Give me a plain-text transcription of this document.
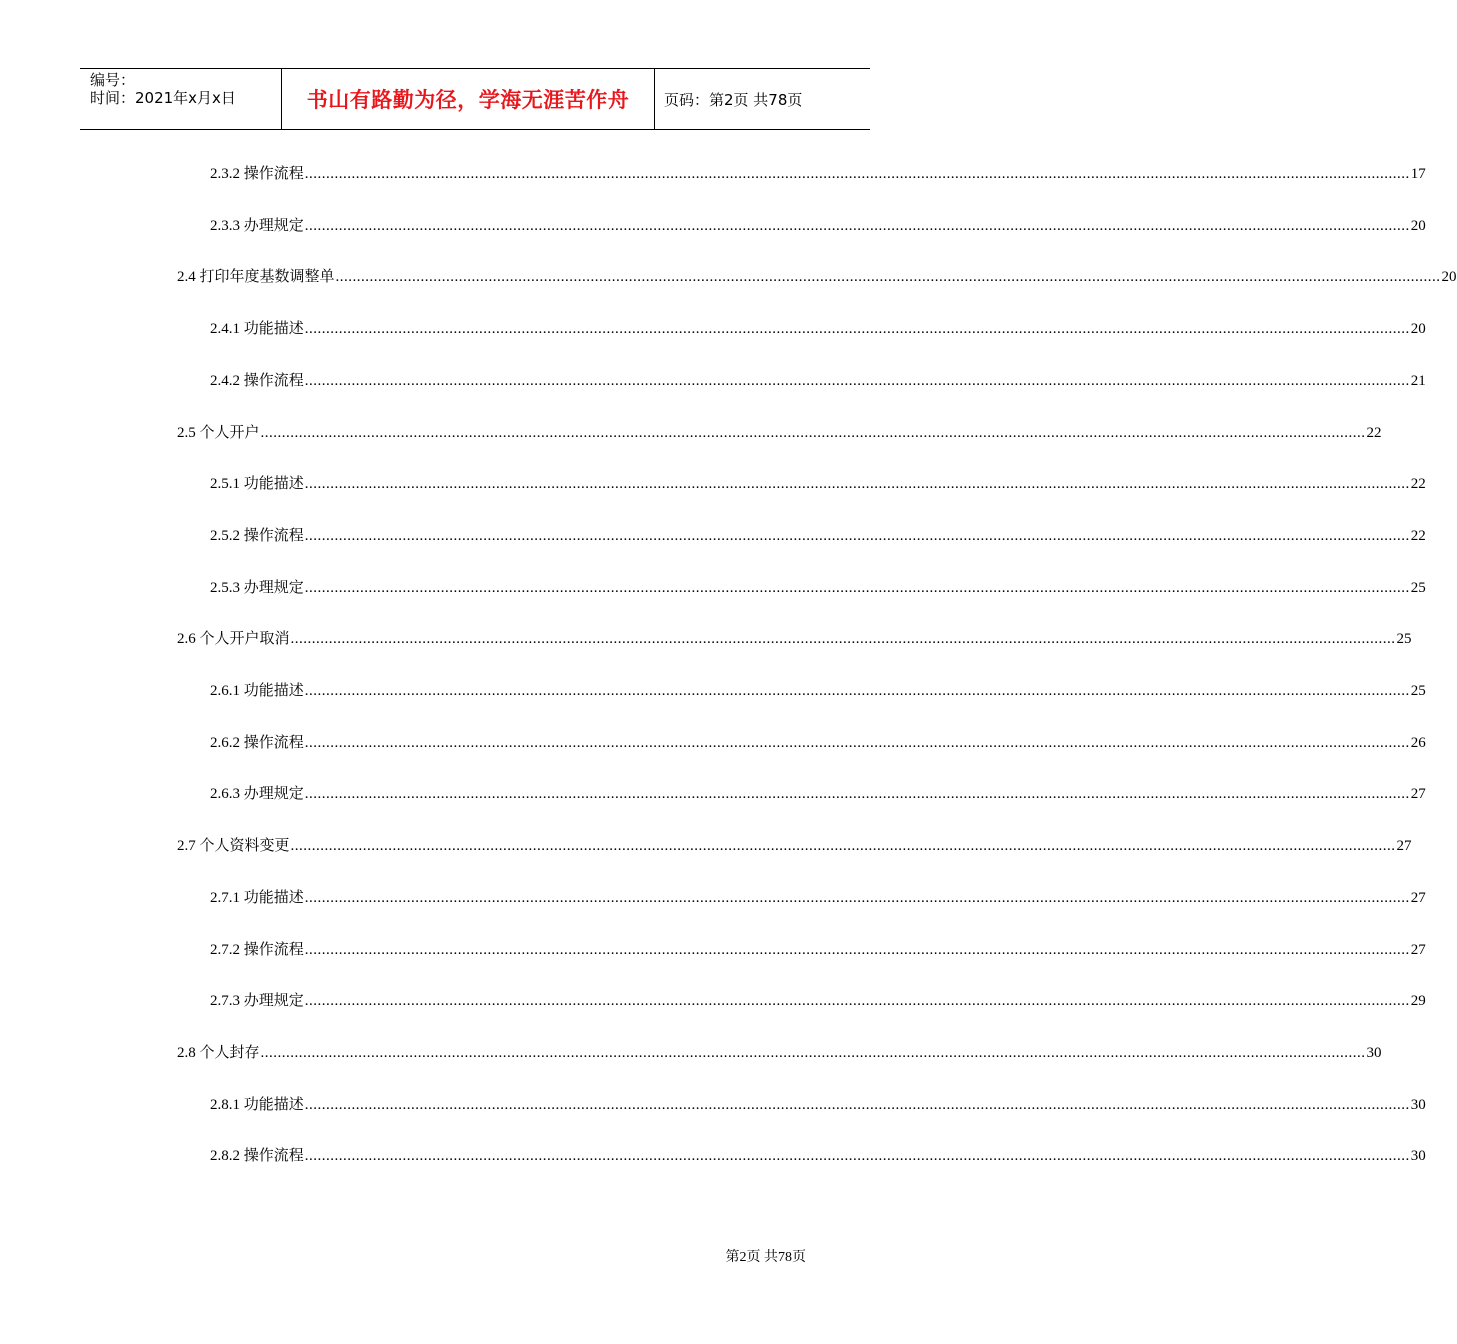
编号：
时间：2021年x月x日	书山有路勤为径，学海无涯苦作舟 页码：第2页 共78页
2.3.2 操作流程 .................................................................................................................................................................................................................................................................... 17
2.3.3 办理规定 .................................................................................................................................................................................................................................................................... 20
2.4 打印年度基数调整单 .................................................................................................................................................................................................................................................................... 20
2.4.1 功能描述 .................................................................................................................................................................................................................................................................... 20
2.4.2 操作流程 .................................................................................................................................................................................................................................................................... 21
2.5 个人开户 .................................................................................................................................................................................................................................................................... 22
2.5.1 功能描述 .................................................................................................................................................................................................................................................................... 22
2.5.2 操作流程 .................................................................................................................................................................................................................................................................... 22
2.5.3 办理规定 .................................................................................................................................................................................................................................................................... 25
2.6 个人开户取消 .................................................................................................................................................................................................................................................................... 25
2.6.1 功能描述 .................................................................................................................................................................................................................................................................... 25
2.6.2 操作流程 .................................................................................................................................................................................................................................................................... 26
2.6.3 办理规定 .................................................................................................................................................................................................................................................................... 27
2.7 个人资料变更 .................................................................................................................................................................................................................................................................... 27
2.7.1 功能描述 .................................................................................................................................................................................................................................................................... 27
2.7.2 操作流程 .................................................................................................................................................................................................................................................................... 27
2.7.3 办理规定 .................................................................................................................................................................................................................................................................... 29
2.8 个人封存 .................................................................................................................................................................................................................................................................... 30
2.8.1 功能描述 .................................................................................................................................................................................................................................................................... 30
2.8.2 操作流程 .................................................................................................................................................................................................................................................................... 30
第2页 共78页
